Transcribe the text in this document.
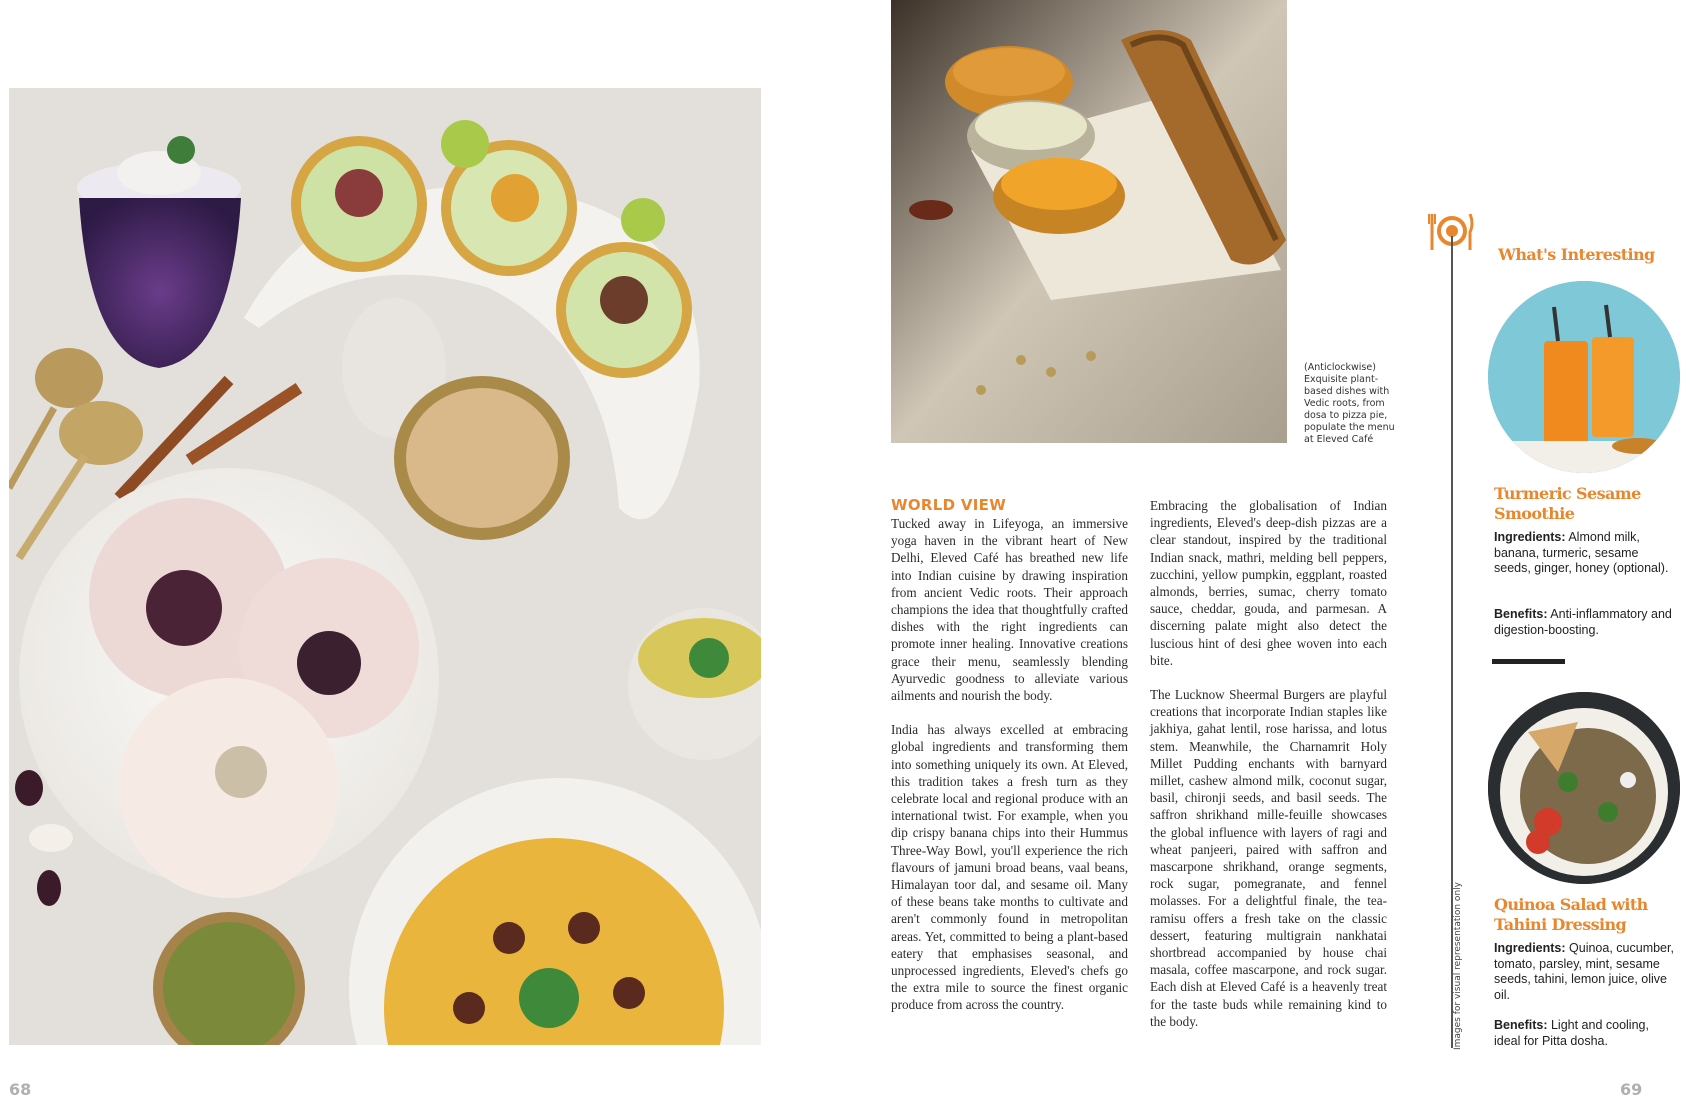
(Anticlockwise) Exquisite plant-based dishes with Vedic roots, from dosa to pizza pie, populate the menu at Eleved Café
WORLD VIEW

Tucked away in Lifeyoga, an immersive yoga haven in the vibrant heart of New Delhi, Eleved Café has breathed new life into Indian cuisine by drawing inspiration from ancient Vedic roots. Their approach champions the idea that thoughtfully crafted dishes with the right ingredients can promote inner healing. Innovative creations grace their menu, seamlessly blending Ayurvedic goodness to alleviate various ailments and nourish the body.

India has always excelled at embracing global ingredients and transforming them into something uniquely its own. At Eleved, this tradition takes a fresh turn as they celebrate local and regional produce with an international twist. For example, when you dip crispy banana chips into their Hummus Three-Way Bowl, you'll experience the rich flavours of jamuni broad beans, vaal beans, Himalayan toor dal, and sesame oil. Many of these beans take months to cultivate and aren't commonly found in metropolitan areas. Yet, committed to being a plant-based eatery that emphasises seasonal, and unprocessed ingredients, Eleved's chefs go the extra mile to source the finest organic produce from across the country.

Embracing the globalisation of Indian ingredients, Eleved's deep-dish pizzas are a clear standout, inspired by the traditional Indian snack, mathri, melding bell peppers, zucchini, yellow pumpkin, eggplant, roasted almonds, berries, sumac, cherry tomato sauce, cheddar, gouda, and parmesan. A discerning palate might also detect the luscious hint of desi ghee woven into each bite.

The Lucknow Sheermal Burgers are playful creations that incorporate Indian staples like jakhiya, gahat lentil, rose harissa, and lotus stem. Meanwhile, the Charnamrit Holy Millet Pudding enchants with barnyard millet, cashew almond milk, coconut sugar, basil, chironji seeds, and basil seeds. The saffron shrikhand mille-feuille showcases the global influence with layers of ragi and wheat panjeeri, paired with saffron and mascarpone shrikhand, orange segments, rock sugar, pomegranate, and fennel molasses. For a delightful finale, the tea-ramisu offers a fresh take on the classic dessert, featuring multigrain nankhatai shortbread accompanied by house chai masala, coffee mascarpone, and rock sugar. Each dish at Eleved Café is a heavenly treat for the taste buds while remaining kind to the body.	Images for visual representation only
What's Interesting
Turmeric Sesame Smoothie
Ingredients: Almond milk, banana, turmeric, sesame seeds, ginger, honey (optional).
Benefits: Anti-inflammatory and digestion-boosting.
Quinoa Salad with Tahini Dressing
Ingredients: Quinoa, cucumber, tomato, parsley, mint, sesame seeds, tahini, lemon juice, olive oil.
Benefits: Light and cooling, ideal for Pitta dosha.
68	69
